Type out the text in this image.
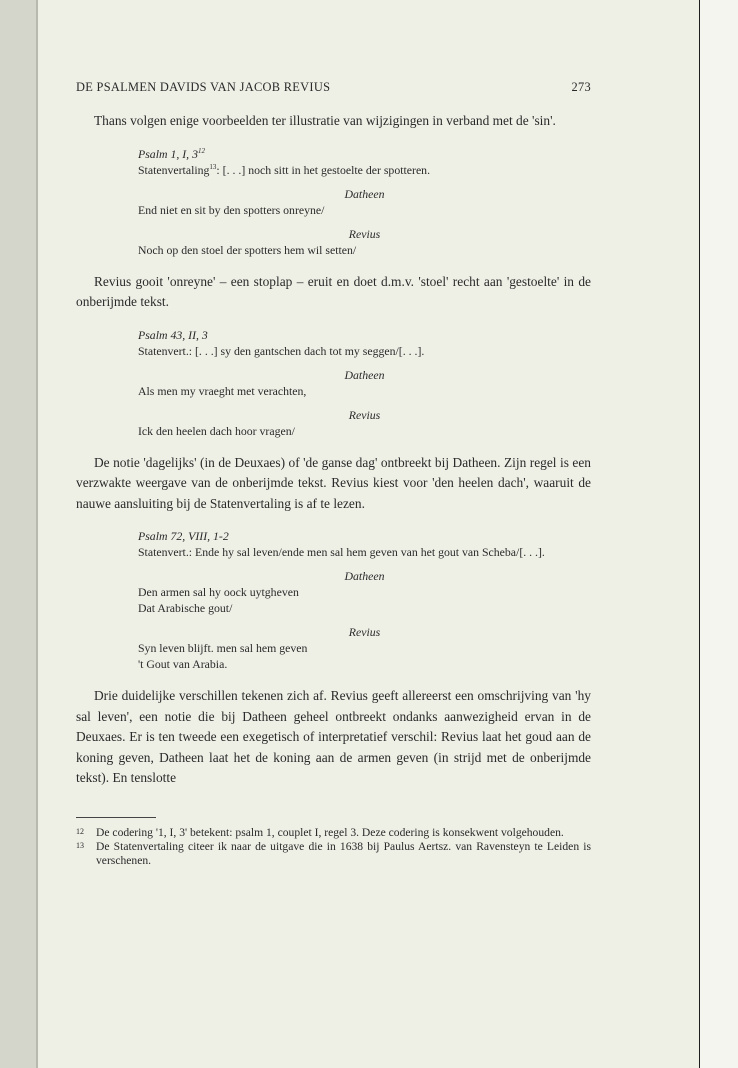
DE PSALMEN DAVIDS VAN JACOB REVIUS	273

Thans volgen enige voorbeelden ter illustratie van wijzigingen in verband met de 'sin'.

Psalm 1, I, $3^{12}$
Statenvertaling$^{13}$: [. . .] noch sitt in het gestoelte der spotteren.
Datheen
End niet en sit by den spotters onreyne/
Revius
Noch op den stoel der spotters hem wil setten/

Revius gooit 'onreyne' – een stoplap – eruit en doet d.m.v. 'stoel' recht aan 'gestoelte' in de onberijmde tekst.

Psalm 43, II, 3
Statenvert.: [. . .] sy den gantschen dach tot my seggen/[. . .].
Datheen
Als men my vraeght met verachten,
Revius
Ick den heelen dach hoor vragen/

De notie 'dagelijks' (in de Deuxaes) of 'de ganse dag' ontbreekt bij Datheen. Zijn regel is een verzwakte weergave van de onberijmde tekst. Revius kiest voor 'den heelen dach', waaruit de nauwe aansluiting bij de Statenvertaling is af te lezen.

Psalm 72, VIII, 1-2
Statenvert.: Ende hy sal leven/ende men sal hem geven van het gout van Scheba/[. . .].
Datheen
Den armen sal hy oock uytgheven
Dat Arabische gout/
Revius
Syn leven blijft. men sal hem geven
't Gout van Arabia.

Drie duidelijke verschillen tekenen zich af. Revius geeft allereerst een omschrijving van 'hy sal leven', een notie die bij Datheen geheel ontbreekt ondanks aanwezigheid ervan in de Deuxaes. Er is ten tweede een exegetisch of interpretatief verschil: Revius laat het goud aan de koning geven, Datheen laat het de koning aan de armen geven (in strijd met de onberijmde tekst). En tenslotte

12	De codering '1, I, 3' betekent: psalm 1, couplet I, regel 3. Deze codering is konsekwent volgehouden.
13	De Statenvertaling citeer ik naar de uitgave die in 1638 bij Paulus Aertsz. van Ravensteyn te Leiden is verschenen.
